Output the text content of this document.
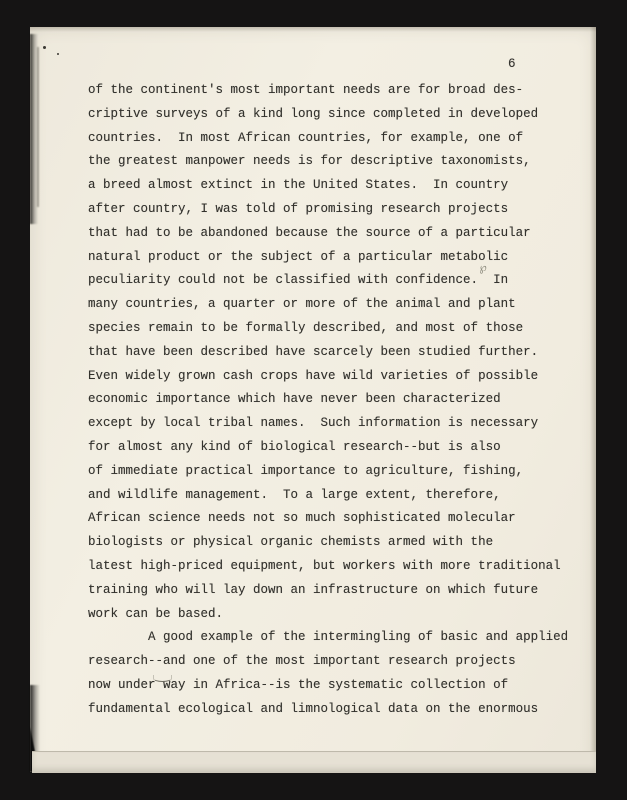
6
of the continent's most important needs are for broad des-
criptive surveys of a kind long since completed in developed
countries.  In most African countries, for example, one of
the greatest manpower needs is for descriptive taxonomists,
a breed almost extinct in the United States.  In country
after country, I was told of promising research projects
that had to be abandoned because the source of a particular
natural product or the subject of a particular metabolic
peculiarity could not be classified with confidence.  In
many countries, a quarter or more of the animal and plant
species remain to be formally described, and most of those
that have been described have scarcely been studied further.
Even widely grown cash crops have wild varieties of possible
economic importance which have never been characterized
except by local tribal names.  Such information is necessary
for almost any kind of biological research--but is also
of immediate practical importance to agriculture, fishing,
and wildlife management.  To a large extent, therefore,
African science needs not so much sophisticated molecular
biologists or physical organic chemists armed with the
latest high-priced equipment, but workers with more traditional
training who will lay down an infrastructure on which future
work can be based.
A good example of the intermingling of basic and applied
research--and one of the most important research projects
now under way in Africa--is the systematic collection of
fundamental ecological and limnological data on the enormous
℘
